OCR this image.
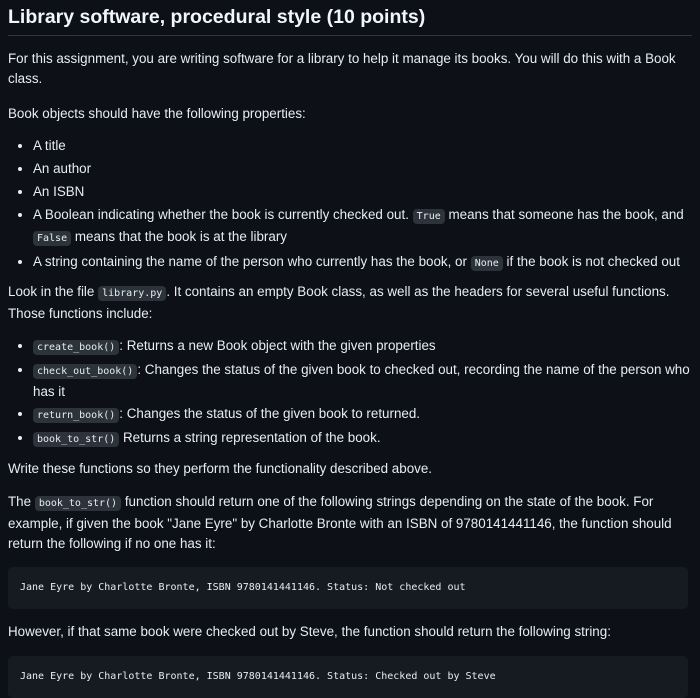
Library software, procedural style (10 points)

For this assignment, you are writing software for a library to help it manage its books. You will do this with a Book class.

Book objects should have the following properties:

• A title
• An author
• An ISBN
• A Boolean indicating whether the book is currently checked out. True means that someone has the book, and False means that the book is at the library
• A string containing the name of the person who currently has the book, or None if the book is not checked out

Look in the file library.py . It contains an empty Book class, as well as the headers for several useful functions. Those functions include:

• create_book() : Returns a new Book object with the given properties
• check_out_book() : Changes the status of the given book to checked out, recording the name of the person who has it
• return_book() : Changes the status of the given book to returned.
• book_to_str() Returns a string representation of the book.

Write these functions so they perform the functionality described above.

The book_to_str() function should return one of the following strings depending on the state of the book. For example, if given the book "Jane Eyre" by Charlotte Bronte with an ISBN of 9780141441146, the function should return the following if no one has it:

Jane Eyre by Charlotte Bronte, ISBN 9780141441146. Status: Not checked out

However, if that same book were checked out by Steve, the function should return the following string:

Jane Eyre by Charlotte Bronte, ISBN 9780141441146. Status: Checked out by Steve
